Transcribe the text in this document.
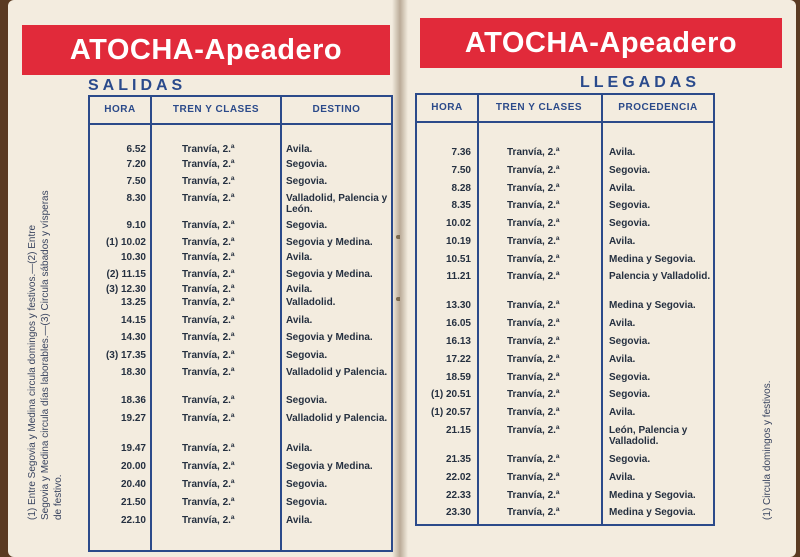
ATOCHA-Apeadero
SALIDAS
HORA	TREN Y CLASES	DESTINO
6.52	Tranvía, 2.ª	Avila.
7.20	Tranvía, 2.ª	Segovia.
7.50	Tranvía, 2.ª	Segovia.
8.30	Tranvía, 2.ª	Valladolid, Palencia y León.
9.10	Tranvía, 2.ª	Segovia.
(1) 10.02	Tranvía, 2.ª	Segovia y Medina.
10.30	Tranvía, 2.ª	Avila.
(2) 11.15	Tranvía, 2.ª	Segovia y Medina.
(3) 12.30	Tranvía, 2.ª	Avila.
13.25	Tranvía, 2.ª	Valladolid.
14.15	Tranvía, 2.ª	Avila.
14.30	Tranvía, 2.ª	Segovia y Medina.
(3) 17.35	Tranvía, 2.ª	Segovia.
18.30	Tranvía, 2.ª	Valladolid y Palencia.
18.36	Tranvía, 2.ª	Segovia.
19.27	Tranvía, 2.ª	Valladolid y Palencia.
19.47	Tranvía, 2.ª	Avila.
20.00	Tranvía, 2.ª	Segovia y Medina.
20.40	Tranvía, 2.ª	Segovia.
21.50	Tranvía, 2.ª	Segovia.
22.10	Tranvía, 2.ª	Avila.
(1) Entre Segovia y Medina circula domingos y festivos.—(2) Entre Segovia y Medina circula días laborables.—(3) Circula sábados y vísperas de festivo.
ATOCHA-Apeadero
LLEGADAS
HORA	TREN Y CLASES	PROCEDENCIA
7.36	Tranvía, 2.ª	Avila.
7.50	Tranvía, 2.ª	Segovia.
8.28	Tranvía, 2.ª	Avila.
8.35	Tranvía, 2.ª	Segovia.
10.02	Tranvía, 2.ª	Segovia.
10.19	Tranvía, 2.ª	Avila.
10.51	Tranvía, 2.ª	Medina y Segovia.
11.21	Tranvía, 2.ª	Palencia y Valladolid.
13.30	Tranvía, 2.ª	Medina y Segovia.
16.05	Tranvía, 2.ª	Avila.
16.13	Tranvía, 2.ª	Segovia.
17.22	Tranvía, 2.ª	Avila.
18.59	Tranvía, 2.ª	Segovia.
(1) 20.51	Tranvía, 2.ª	Segovia.
(1) 20.57	Tranvía, 2.ª	Avila.
21.15	Tranvía, 2.ª	León, Palencia y Valladolid.
21.35	Tranvía, 2.ª	Segovia.
22.02	Tranvía, 2.ª	Avila.
22.33	Tranvía, 2.ª	Medina y Segovia.
23.30	Tranvía, 2.ª	Medina y Segovia.	(1) Circula domingos y festivos.
